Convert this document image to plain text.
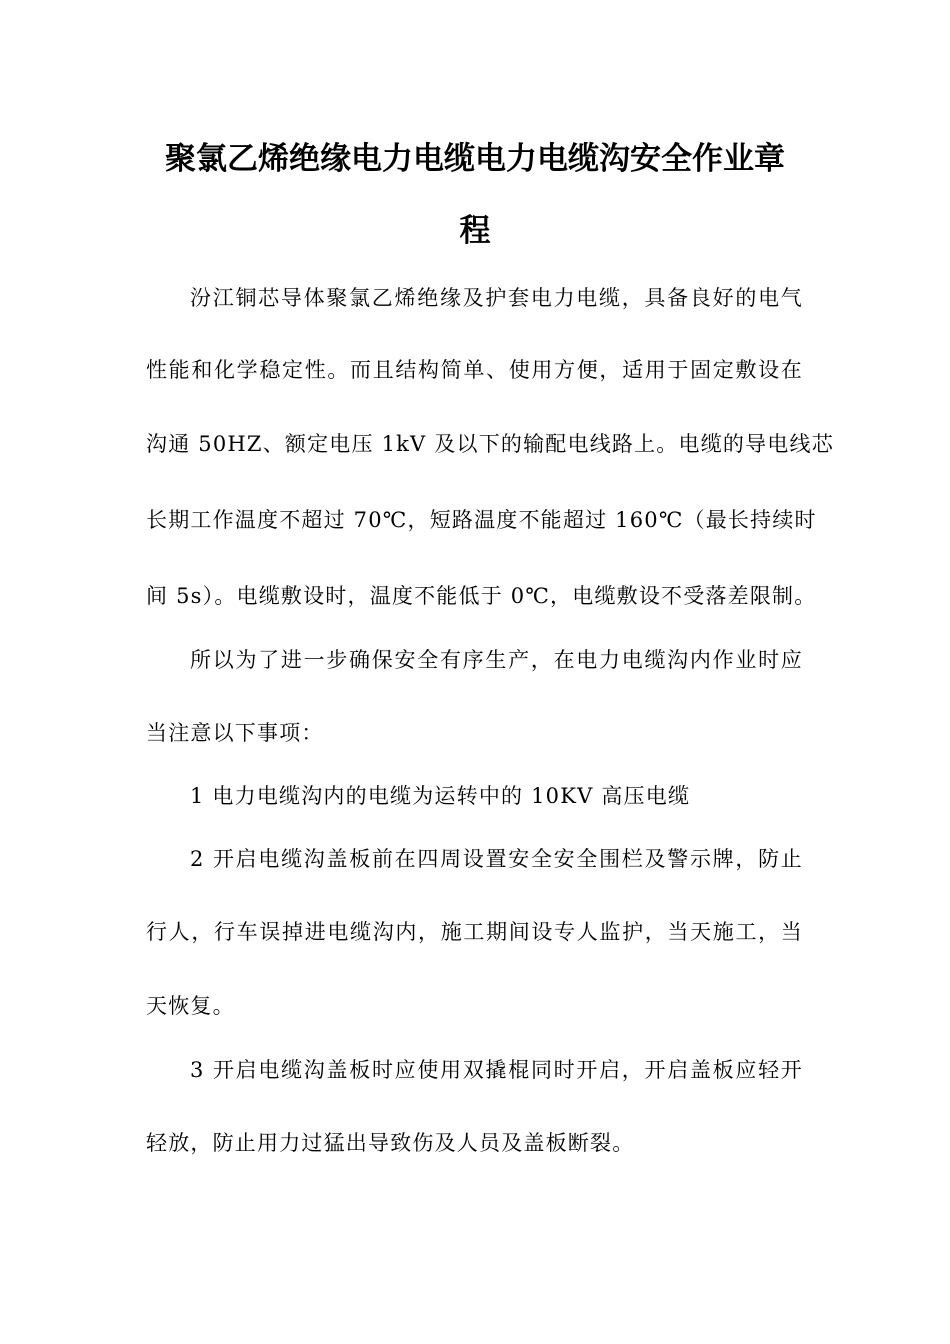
聚氯乙烯绝缘电力电缆电力电缆沟安全作业章
程

汾江铜芯导体聚氯乙烯绝缘及护套电力电缆，具备良好的电气

性能和化学稳定性。而且结构简单、使用方便，适用于固定敷设在

沟通 50HZ、额定电压 1kV 及以下的输配电线路上。电缆的导电线芯

长期工作温度不超过 70℃，短路温度不能超过 160℃（最长持续时

间 5s）。电缆敷设时，温度不能低于 0℃，电缆敷设不受落差限制。

所以为了进一步确保安全有序生产，在电力电缆沟内作业时应

当注意以下事项：

1 电力电缆沟内的电缆为运转中的 10KV 高压电缆

2 开启电缆沟盖板前在四周设置安全安全围栏及警示牌，防止

行人，行车误掉进电缆沟内，施工期间设专人监护，当天施工，当

天恢复。

3 开启电缆沟盖板时应使用双撬棍同时开启，开启盖板应轻开

轻放，防止用力过猛出导致伤及人员及盖板断裂。
